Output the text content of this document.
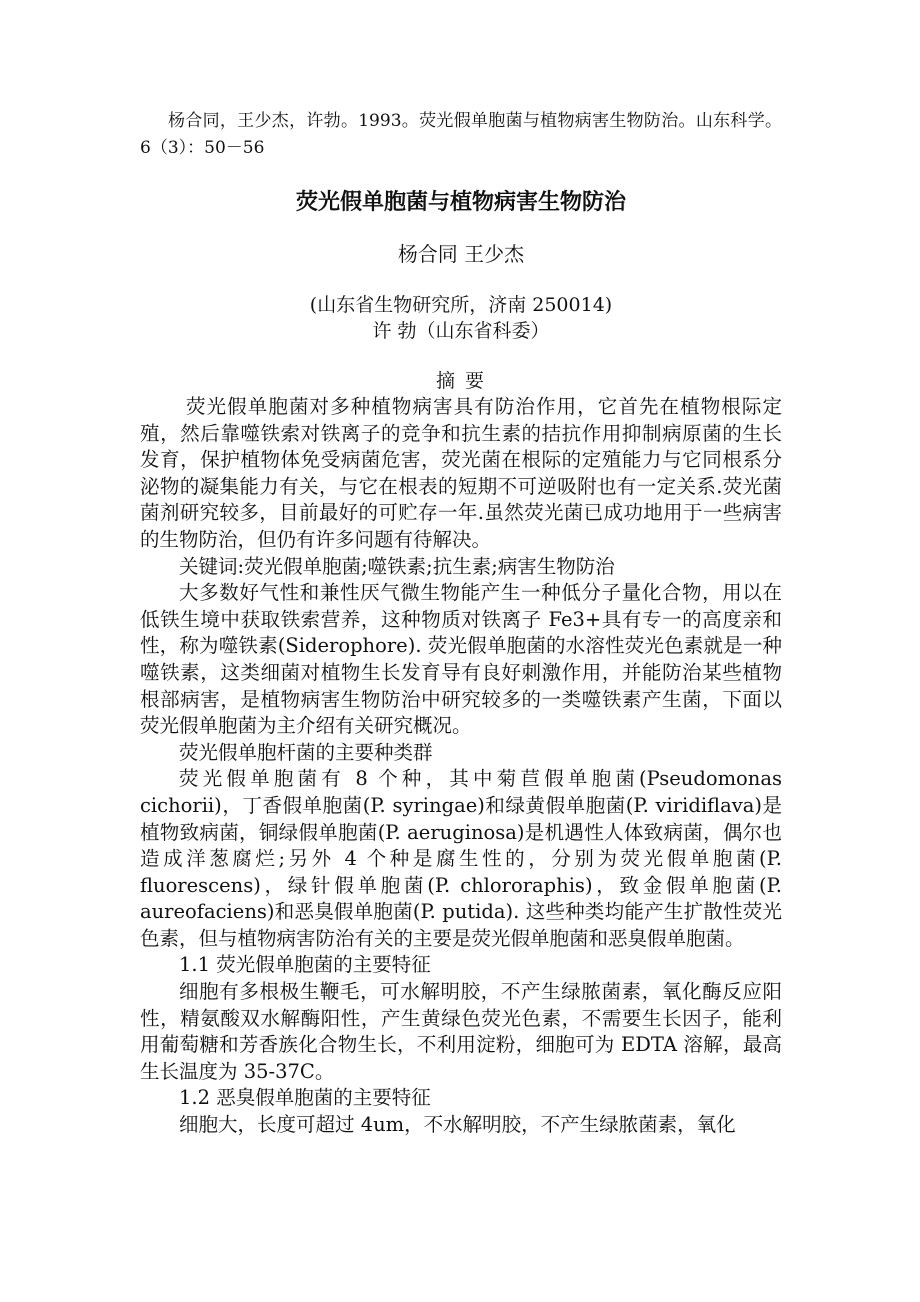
杨合同，王少杰，许勃。1993。荧光假单胞菌与植物病害生物防治。山东科学。6（3）：50－56

荧光假单胞菌与植物病害生物防治

杨合同 王少杰

(山东省生物研究所，济南 250014)

许 勃（山东省科委）

摘 要

荧光假单胞菌对多种植物病害具有防治作用，它首先在植物根际定殖，然后靠噬铁索对铁离子的竞争和抗生素的拮抗作用抑制病原菌的生长发育，保护植物体免受病菌危害，荧光菌在根际的定殖能力与它同根系分泌物的凝集能力有关，与它在根表的短期不可逆吸附也有一定关系.荧光菌菌剂研究较多，目前最好的可贮存一年.虽然荧光菌已成功地用于一些病害的生物防治，但仍有许多问题有待解决。

关键词:荧光假单胞菌;噬铁素;抗生素;病害生物防治

大多数好气性和兼性厌气微生物能产生一种低分子量化合物，用以在低铁生境中获取铁索营养，这种物质对铁离子 Fe3+具有专一的高度亲和性，称为噬铁素(Siderophore). 荧光假单胞菌的水溶性荧光色素就是一种噬铁素，这类细菌对植物生长发育导有良好刺激作用，并能防治某些植物根部病害，是植物病害生物防治中研究较多的一类噬铁素产生菌，下面以荧光假单胞菌为主介绍有关研究概况。

荧光假单胞杆菌的主要种类群

荧光假单胞菌有 8 个种，其中菊苣假单胞菌(Pseudomonas cichorii)，丁香假单胞菌(P. syringae)和绿黄假单胞菌(P. viridiflava)是植物致病菌，铜绿假单胞菌(P. aeruginosa)是机遇性人体致病菌，偶尔也造成洋葱腐烂;另外 4 个种是腐生性的，分别为荧光假单胞菌(P. fluorescens)，绿针假单胞菌(P. chlororaphis)，致金假单胞菌(P. aureofaciens)和恶臭假单胞菌(P. putida). 这些种类均能产生扩散性荧光色素，但与植物病害防治有关的主要是荧光假单胞菌和恶臭假单胞菌。

1.1 荧光假单胞菌的主要特征

细胞有多根极生鞭毛，可水解明胶，不产生绿脓菌素，氧化酶反应阳性，精氨酸双水解酶阳性，产生黄绿色荧光色素，不需要生长因子，能利用葡萄糖和芳香族化合物生长，不利用淀粉，细胞可为 EDTA 溶解，最高生长温度为 35-37C。

1.2 恶臭假单胞菌的主要特征

细胞大，长度可超过 4um，不水解明胶，不产生绿脓菌素，氧化
